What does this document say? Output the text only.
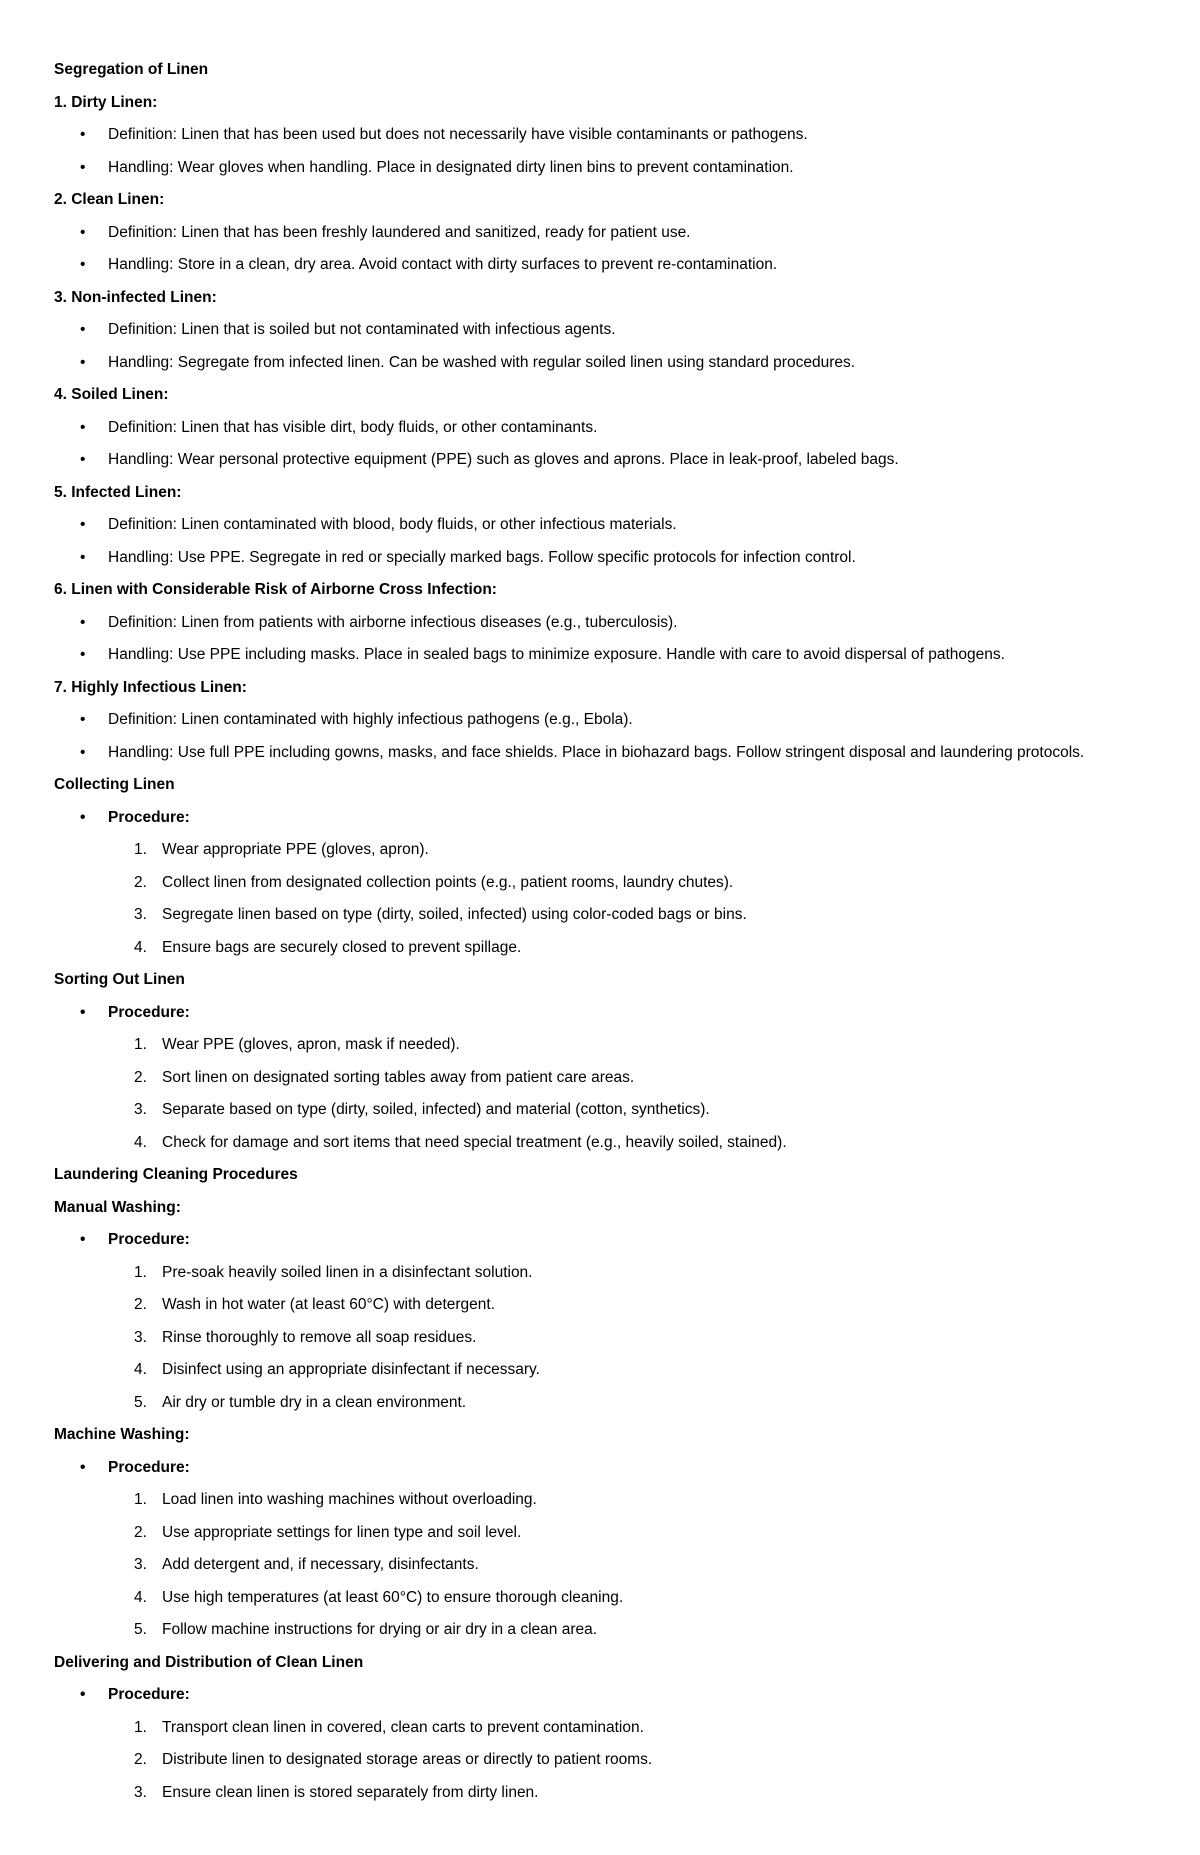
Segregation of Linen
1. Dirty Linen:
•	Definition: Linen that has been used but does not necessarily have visible contaminants or pathogens.
•	Handling: Wear gloves when handling. Place in designated dirty linen bins to prevent contamination.
2. Clean Linen:
•	Definition: Linen that has been freshly laundered and sanitized, ready for patient use.
•	Handling: Store in a clean, dry area. Avoid contact with dirty surfaces to prevent re-contamination.
3. Non-infected Linen:
•	Definition: Linen that is soiled but not contaminated with infectious agents.
•	Handling: Segregate from infected linen. Can be washed with regular soiled linen using standard procedures.
4. Soiled Linen:
•	Definition: Linen that has visible dirt, body fluids, or other contaminants.
•	Handling: Wear personal protective equipment (PPE) such as gloves and aprons. Place in leak-proof, labeled bags.
5. Infected Linen:
•	Definition: Linen contaminated with blood, body fluids, or other infectious materials.
•	Handling: Use PPE. Segregate in red or specially marked bags. Follow specific protocols for infection control.
6. Linen with Considerable Risk of Airborne Cross Infection:
•	Definition: Linen from patients with airborne infectious diseases (e.g., tuberculosis).
•	Handling: Use PPE including masks. Place in sealed bags to minimize exposure. Handle with care to avoid dispersal of pathogens.
7. Highly Infectious Linen:
•	Definition: Linen contaminated with highly infectious pathogens (e.g., Ebola).
•	Handling: Use full PPE including gowns, masks, and face shields. Place in biohazard bags. Follow stringent disposal and laundering protocols.
Collecting Linen
•	Procedure:
1. Wear appropriate PPE (gloves, apron).
2. Collect linen from designated collection points (e.g., patient rooms, laundry chutes).
3. Segregate linen based on type (dirty, soiled, infected) using color-coded bags or bins.
4. Ensure bags are securely closed to prevent spillage.
Sorting Out Linen
•	Procedure:
1. Wear PPE (gloves, apron, mask if needed).
2. Sort linen on designated sorting tables away from patient care areas.
3. Separate based on type (dirty, soiled, infected) and material (cotton, synthetics).
4. Check for damage and sort items that need special treatment (e.g., heavily soiled, stained).
Laundering Cleaning Procedures
Manual Washing:
•	Procedure:
1. Pre-soak heavily soiled linen in a disinfectant solution.
2. Wash in hot water (at least 60°C) with detergent.
3. Rinse thoroughly to remove all soap residues.
4. Disinfect using an appropriate disinfectant if necessary.
5. Air dry or tumble dry in a clean environment.
Machine Washing:
•	Procedure:
1. Load linen into washing machines without overloading.
2. Use appropriate settings for linen type and soil level.
3. Add detergent and, if necessary, disinfectants.
4. Use high temperatures (at least 60°C) to ensure thorough cleaning.
5. Follow machine instructions for drying or air dry in a clean area.
Delivering and Distribution of Clean Linen
•	Procedure:
1. Transport clean linen in covered, clean carts to prevent contamination.
2. Distribute linen to designated storage areas or directly to patient rooms.
3. Ensure clean linen is stored separately from dirty linen.
